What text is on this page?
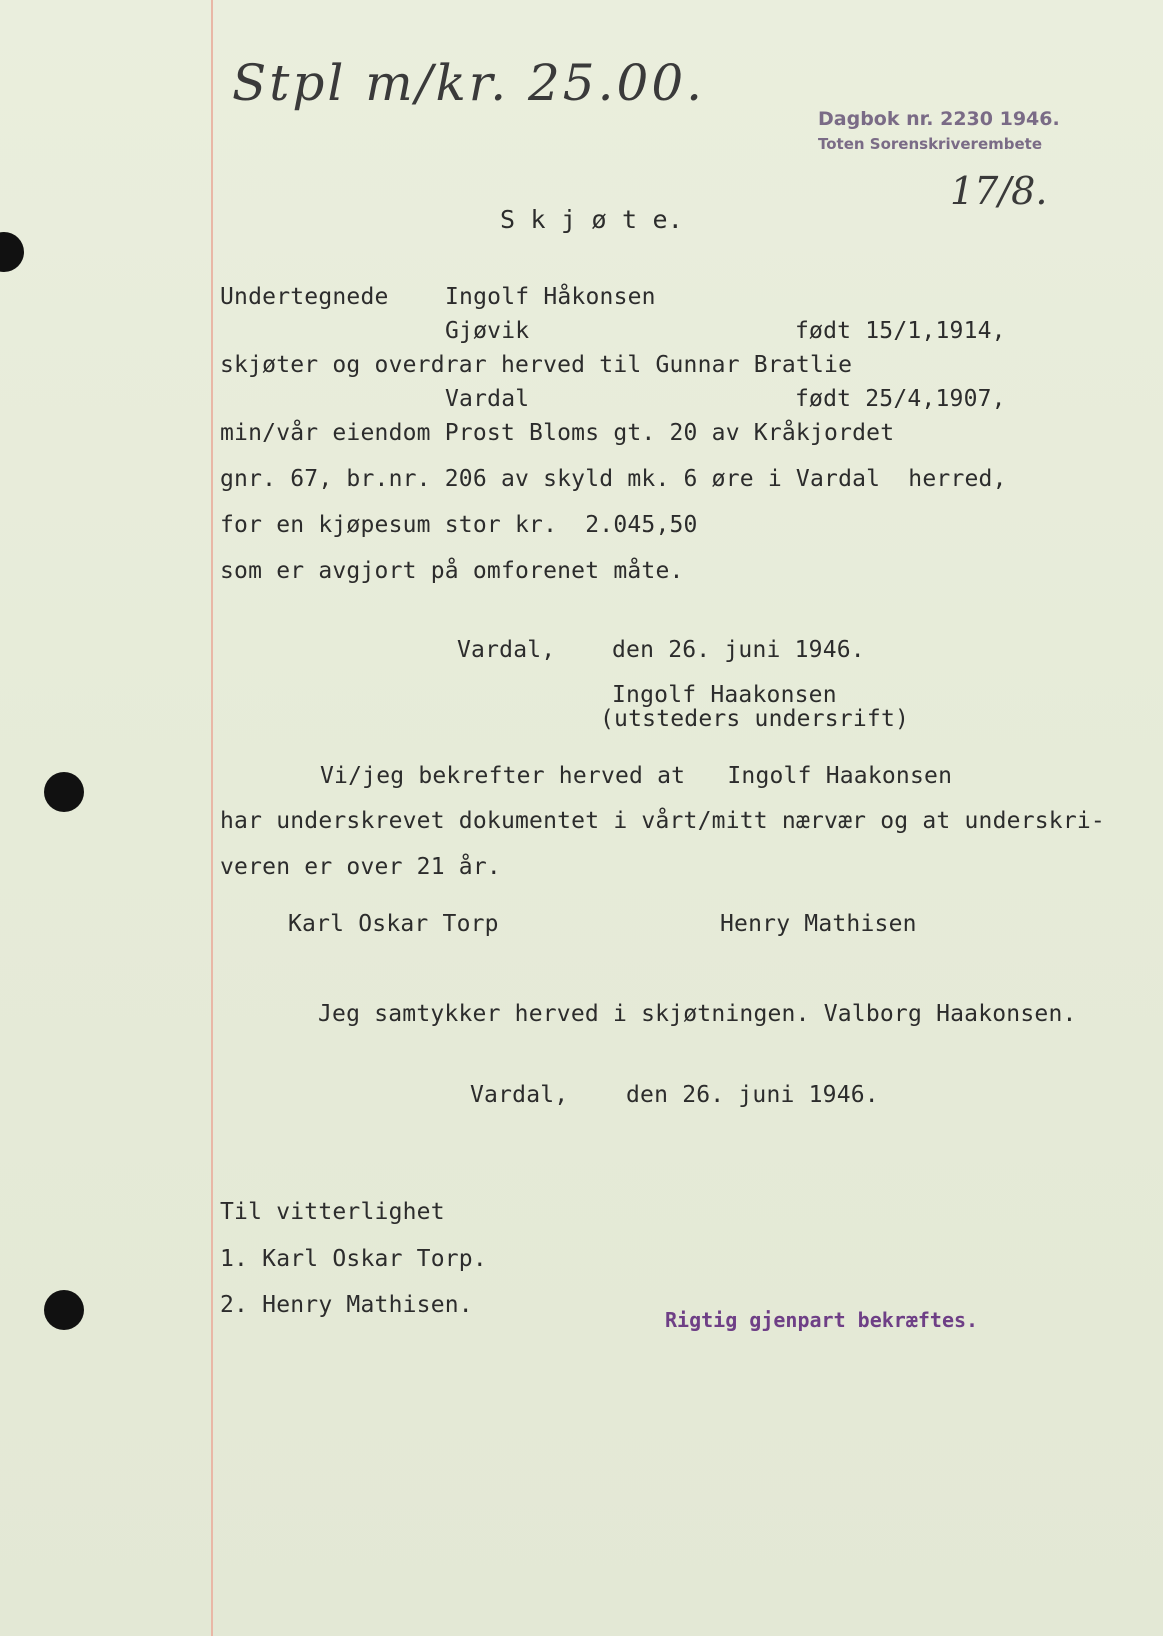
Stpl m/kr. 25.00.
Dagbok nr. 2230 1946.
Toten Sorenskriverembete
17/8.
S k j ø t e.
Undertegnede Ingolf Håkonsen
Gjøvik	født 15/1,1914,
skjøter og overdrar herved til Gunnar Bratlie
Vardal	født 25/4,1907,
min/vår eiendom Prost Bloms gt. 20 av Kråkjordet
gnr. 67, br.nr. 206 av skyld mk. 6 øre i Vardal  herred,
for en kjøpesum stor kr.  2.045,50
som er avgjort på omforenet måte.
Vardal, den 26. juni 1946.
Ingolf Haakonsen
(utsteders undersrift)
Vi/jeg bekrefter herved at   Ingolf Haakonsen
har underskrevet dokumentet i vårt/mitt nærvær og at underskri-
veren er over 21 år.
Karl Oskar Torp	Henry Mathisen
Jeg samtykker herved i skjøtningen. Valborg Haakonsen.
Vardal,	den 26. juni 1946.
Til vitterlighet
1. Karl Oskar Torp.
2. Henry Mathisen.
Rigtig gjenpart bekræftes.
